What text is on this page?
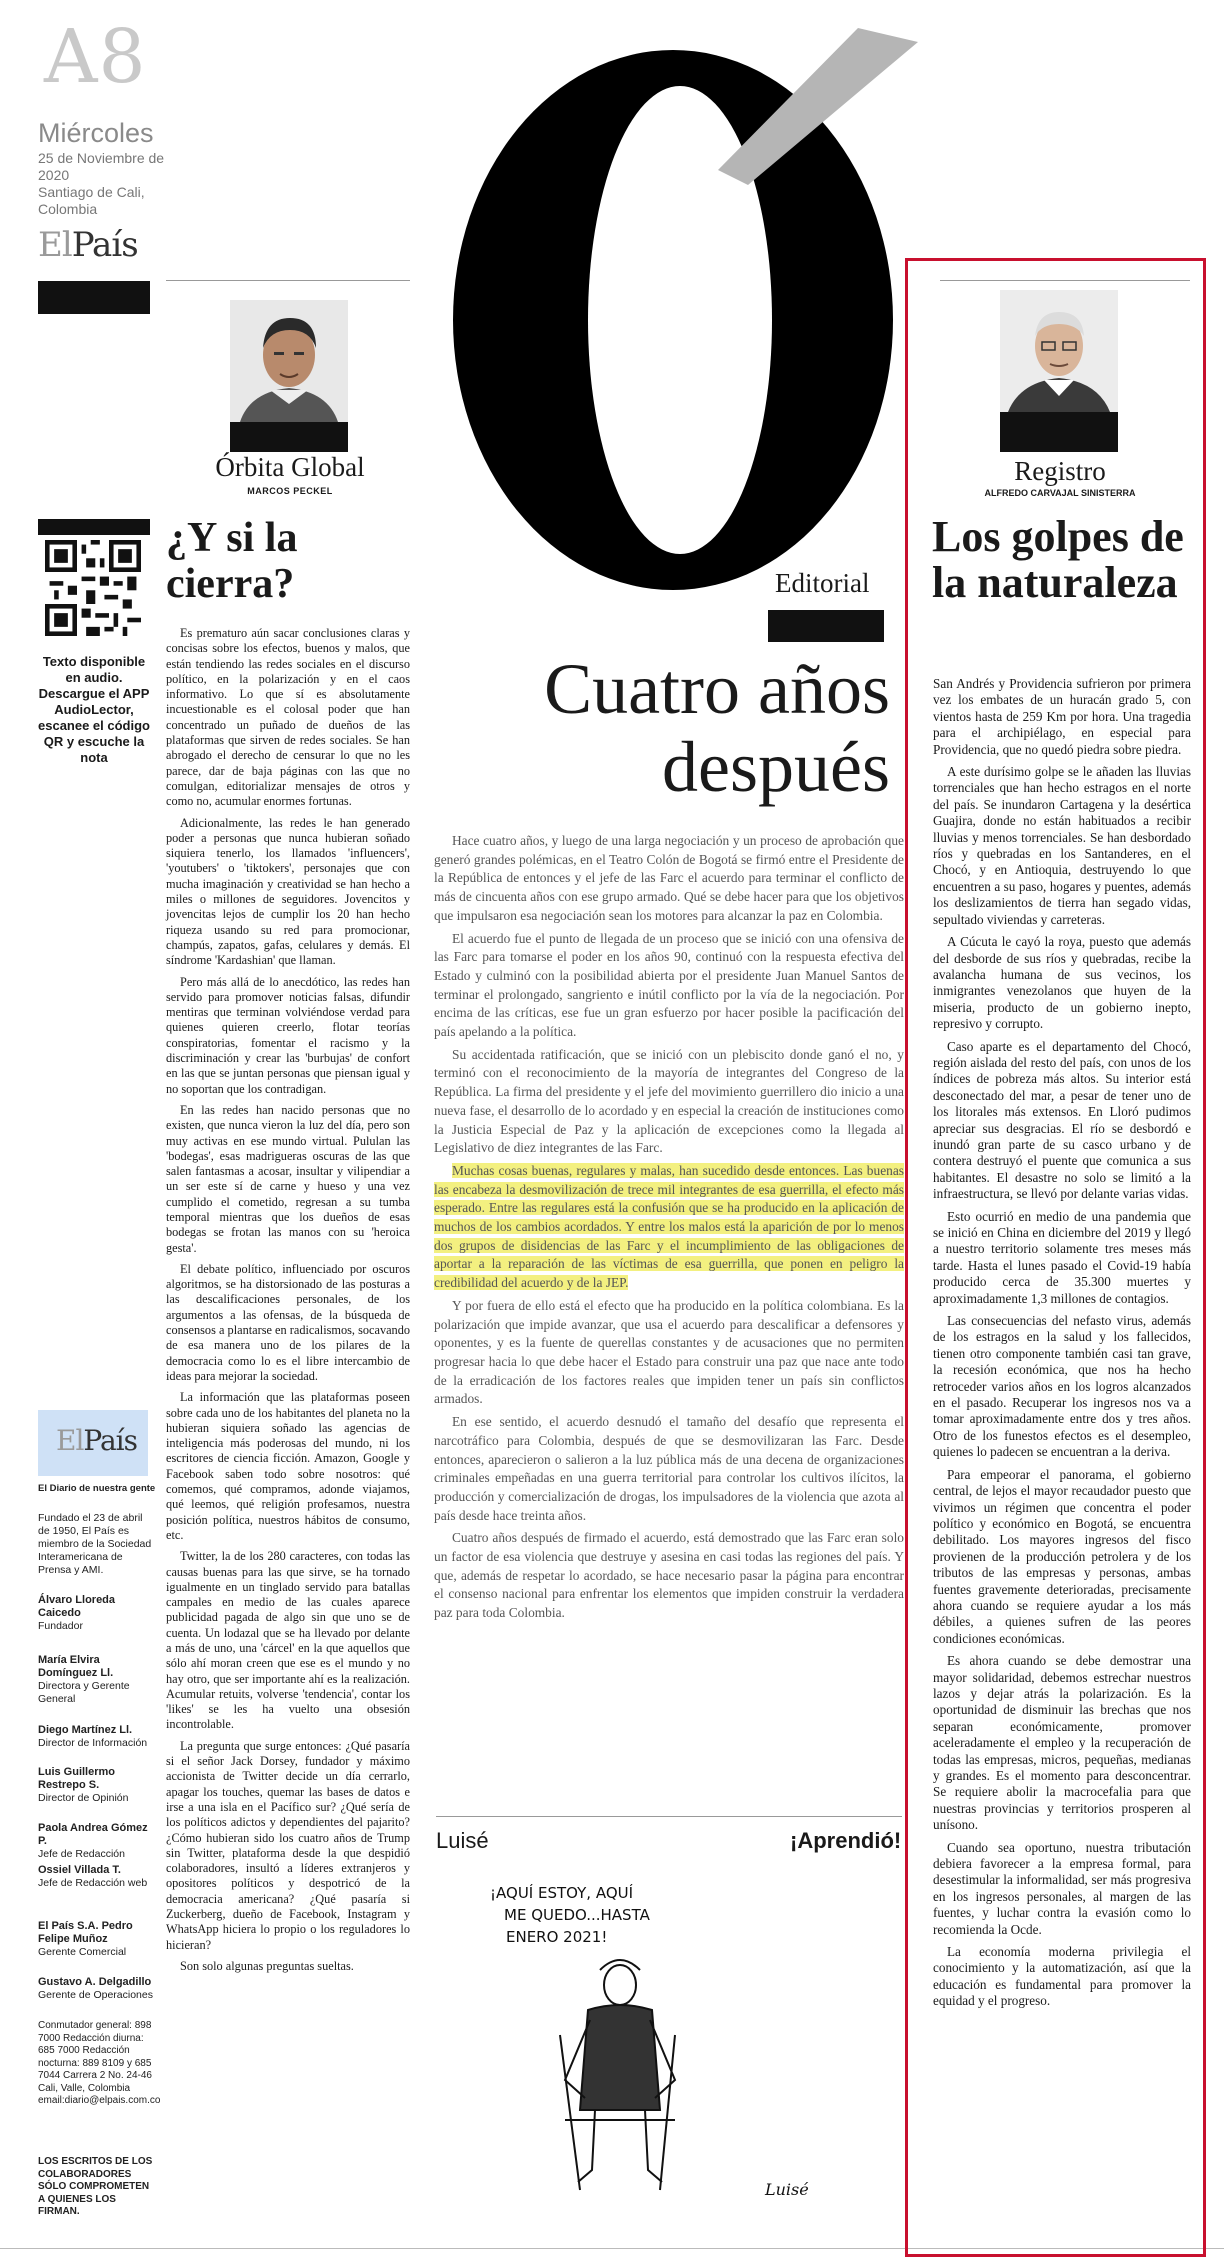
A8
Miércoles
25 de Noviembre de 2020
Santiago de Cali, Colombia
ElPaís
Texto disponible en audio. Descargue el APP AudioLector, escanee el código QR y escuche la nota
ElPaís
El Diario de nuestra gente
Fundado el 23 de abril de 1950, El País es miembro de la Sociedad Interamericana de Prensa y AMI.
Álvaro Lloreda Caicedo
Fundador
María Elvira Domínguez Ll.
Directora y Gerente General
Diego Martínez Ll.
Director de Información
Luis Guillermo Restrepo S.
Director de Opinión
Paola Andrea Gómez P.
Jefe de Redacción
Ossiel Villada T.
Jefe de Redacción web
El País S.A. Pedro Felipe Muñoz
Gerente Comercial
Gustavo A. Delgadillo
Gerente de Operaciones
Conmutador general: 898 7000 Redacción diurna: 685 7000 Redacción nocturna: 889 8109 y 685 7044 Carrera 2 No. 24-46 Cali, Valle, Colombia email:diario@elpais.com.co
LOS ESCRITOS DE LOS COLABORADORES SÓLO COMPROMETEN A QUIENES LOS FIRMAN.
Órbita Global
MARCOS PECKEL
¿Y si la cierra?

Es prematuro aún sacar conclusiones claras y concisas sobre los efectos, buenos y malos, que están tendiendo las redes sociales en el discurso político, en la polarización y en el caos informativo. Lo que sí es absolutamente incuestionable es el colosal poder que han concentrado un puñado de dueños de las plataformas que sirven de redes sociales. Se han abrogado el derecho de censurar lo que no les parece, dar de baja páginas con las que no comulgan, editorializar mensajes de otros y como no, acumular enormes fortunas.

Adicionalmente, las redes le han generado poder a personas que nunca hubieran soñado siquiera tenerlo, los llamados 'influencers', 'youtubers' o 'tiktokers', personajes que con mucha imaginación y creatividad se han hecho a miles o millones de seguidores. Jovencitos y jovencitas lejos de cumplir los 20 han hecho riqueza usando su red para promocionar, champús, zapatos, gafas, celulares y demás. El síndrome 'Kardashian' que llaman.

Pero más allá de lo anecdótico, las redes han servido para promover noticias falsas, difundir mentiras que terminan volviéndose verdad para quienes quieren creerlo, flotar teorías conspiratorias, fomentar el racismo y la discriminación y crear las 'burbujas' de confort en las que se juntan personas que piensan igual y no soportan que los contradigan.

En las redes han nacido personas que no existen, que nunca vieron la luz del día, pero son muy activas en ese mundo virtual. Pululan las 'bodegas', esas madrigueras oscuras de las que salen fantasmas a acosar, insultar y vilipendiar a un ser este sí de carne y hueso y una vez cumplido el cometido, regresan a su tumba temporal mientras que los dueños de esas bodegas se frotan las manos con su 'heroica gesta'.

El debate político, influenciado por oscuros algoritmos, se ha distorsionado de las posturas a las descalificaciones personales, de los argumentos a las ofensas, de la búsqueda de consensos a plantarse en radicalismos, socavando de esa manera uno de los pilares de la democracia como lo es el libre intercambio de ideas para mejorar la sociedad.

La información que las plataformas poseen sobre cada uno de los habitantes del planeta no la hubieran siquiera soñado las agencias de inteligencia más poderosas del mundo, ni los escritores de ciencia ficción. Amazon, Google y Facebook saben todo sobre nosotros: qué comemos, qué compramos, adonde viajamos, qué leemos, qué religión profesamos, nuestra posición política, nuestros hábitos de consumo, etc.

Twitter, la de los 280 caracteres, con todas las causas buenas para las que sirve, se ha tornado igualmente en un tinglado servido para batallas campales en medio de las cuales aparece publicidad pagada de algo sin que uno se de cuenta. Un lodazal que se ha llevado por delante a más de uno, una 'cárcel' en la que aquellos que sólo ahí moran creen que ese es el mundo y no hay otro, que ser importante ahí es la realización. Acumular retuits, volverse 'tendencia', contar los 'likes' se les ha vuelto una obsesión incontrolable.

La pregunta que surge entonces: ¿Qué pasaría si el señor Jack Dorsey, fundador y máximo accionista de Twitter decide un día cerrarlo, apagar los touches, quemar las bases de datos e irse a una isla en el Pacífico sur? ¿Qué sería de los políticos adictos y dependientes del pajarito? ¿Cómo hubieran sido los cuatro años de Trump sin Twitter, plataforma desde la que despidió colaboradores, insultó a líderes extranjeros y opositores políticos y despotricó de la democracia americana? ¿Qué pasaría si Zuckerberg, dueño de Facebook, Instagram y WhatsApp hiciera lo propio o los reguladores lo hicieran?

Son solo algunas preguntas sueltas.

Editorial
Cuatro años
después

Hace cuatro años, y luego de una larga negociación y un proceso de aprobación que generó grandes polémicas, en el Teatro Colón de Bogotá se firmó entre el Presidente de la República de entonces y el jefe de las Farc el acuerdo para terminar el conflicto de más de cincuenta años con ese grupo armado. Qué se debe hacer para que los objetivos que impulsaron esa negociación sean los motores para alcanzar la paz en Colombia.

El acuerdo fue el punto de llegada de un proceso que se inició con una ofensiva de las Farc para tomarse el poder en los años 90, continuó con la respuesta efectiva del Estado y culminó con la posibilidad abierta por el presidente Juan Manuel Santos de terminar el prolongado, sangriento e inútil conflicto por la vía de la negociación. Por encima de las críticas, ese fue un gran esfuerzo por hacer posible la pacificación del país apelando a la política.

Su accidentada ratificación, que se inició con un plebiscito donde ganó el no, y terminó con el reconocimiento de la mayoría de integrantes del Congreso de la República. La firma del presidente y el jefe del movimiento guerrillero dio inicio a una nueva fase, el desarrollo de lo acordado y en especial la creación de instituciones como la Justicia Especial de Paz y la aplicación de excepciones como la llegada al Legislativo de diez integrantes de las Farc.

Muchas cosas buenas, regulares y malas, han sucedido desde entonces. Las buenas las encabeza la desmovilización de trece mil integrantes de esa guerrilla, el efecto más esperado. Entre las regulares está la confusión que se ha producido en la aplicación de muchos de los cambios acordados. Y entre los malos está la aparición de por lo menos dos grupos de disidencias de las Farc y el incumplimiento de las obligaciones de aportar a la reparación de las víctimas de esa guerrilla, que ponen en peligro la credibilidad del acuerdo y de la JEP.

Y por fuera de ello está el efecto que ha producido en la política colombiana. Es la polarización que impide avanzar, que usa el acuerdo para descalificar a defensores y oponentes, y es la fuente de querellas constantes y de acusaciones que no permiten progresar hacia lo que debe hacer el Estado para construir una paz que nace ante todo de la erradicación de los factores reales que impiden tener un país sin conflictos armados.

En ese sentido, el acuerdo desnudó el tamaño del desafío que representa el narcotráfico para Colombia, después de que se desmovilizaran las Farc. Desde entonces, aparecieron o salieron a la luz pública más de una decena de organizaciones criminales empeñadas en una guerra territorial para controlar los cultivos ilícitos, la producción y comercialización de drogas, los impulsadores de la violencia que azota al país desde hace treinta años.

Cuatro años después de firmado el acuerdo, está demostrado que las Farc eran solo un factor de esa violencia que destruye y asesina en casi todas las regiones del país. Y que, además de respetar lo acordado, se hace necesario pasar la página para encontrar el consenso nacional para enfrentar los elementos que impiden construir la verdadera paz para toda Colombia.

Luisé	¡Aprendió!
¡AQUÍ ESTOY, AQUÍ
ME QUEDO...HASTA
ENERO 2021!
Luisé
Registro
ALFREDO CARVAJAL SINISTERRA
Los golpes de la naturaleza

San Andrés y Providencia sufrieron por primera vez los embates de un huracán grado 5, con vientos hasta de 259 Km por hora. Una tragedia para el archipiélago, en especial para Providencia, que no quedó piedra sobre piedra.

A este durísimo golpe se le añaden las lluvias torrenciales que han hecho estragos en el norte del país. Se inundaron Cartagena y la desértica Guajira, donde no están habituados a recibir lluvias y menos torrenciales. Se han desbordado ríos y quebradas en los Santanderes, en el Chocó, y en Antioquia, destruyendo lo que encuentren a su paso, hogares y puentes, además los deslizamientos de tierra han segado vidas, sepultado viviendas y carreteras.

A Cúcuta le cayó la roya, puesto que además del desborde de sus ríos y quebradas, recibe la avalancha humana de sus vecinos, los inmigrantes venezolanos que huyen de la miseria, producto de un gobierno inepto, represivo y corrupto.

Caso aparte es el departamento del Chocó, región aislada del resto del país, con unos de los índices de pobreza más altos. Su interior está desconectado del mar, a pesar de tener uno de los litorales más extensos. En Lloró pudimos apreciar sus desgracias. El río se desbordó e inundó gran parte de su casco urbano y de contera destruyó el puente que comunica a sus habitantes. El desastre no solo se limitó a la infraestructura, se llevó por delante varias vidas.

Esto ocurrió en medio de una pandemia que se inició en China en diciembre del 2019 y llegó a nuestro territorio solamente tres meses más tarde. Hasta el lunes pasado el Covid-19 había producido cerca de 35.300 muertes y aproximadamente 1,3 millones de contagios.

Las consecuencias del nefasto virus, además de los estragos en la salud y los fallecidos, tienen otro componente también casi tan grave, la recesión económica, que nos ha hecho retroceder varios años en los logros alcanzados en el pasado. Recuperar los ingresos nos va a tomar aproximadamente entre dos y tres años. Otro de los funestos efectos es el desempleo, quienes lo padecen se encuentran a la deriva.

Para empeorar el panorama, el gobierno central, de lejos el mayor recaudador puesto que vivimos un régimen que concentra el poder político y económico en Bogotá, se encuentra debilitado. Los mayores ingresos del fisco provienen de la producción petrolera y de los tributos de las empresas y personas, ambas fuentes gravemente deterioradas, precisamente ahora cuando se requiere ayudar a los más débiles, a quienes sufren de las peores condiciones económicas.

Es ahora cuando se debe demostrar una mayor solidaridad, debemos estrechar nuestros lazos y dejar atrás la polarización. Es la oportunidad de disminuir las brechas que nos separan económicamente, promover aceleradamente el empleo y la recuperación de todas las empresas, micros, pequeñas, medianas y grandes. Es el momento para desconcentrar. Se requiere abolir la macrocefalia para que nuestras provincias y territorios prosperen al unísono.

Cuando sea oportuno, nuestra tributación debiera favorecer a la empresa formal, para desestimular la informalidad, ser más progresiva en los ingresos personales, al margen de las fuentes, y luchar contra la evasión como lo recomienda la Ocde.

La economía moderna privilegia el conocimiento y la automatización, así que la educación es fundamental para promover la equidad y el progreso.
